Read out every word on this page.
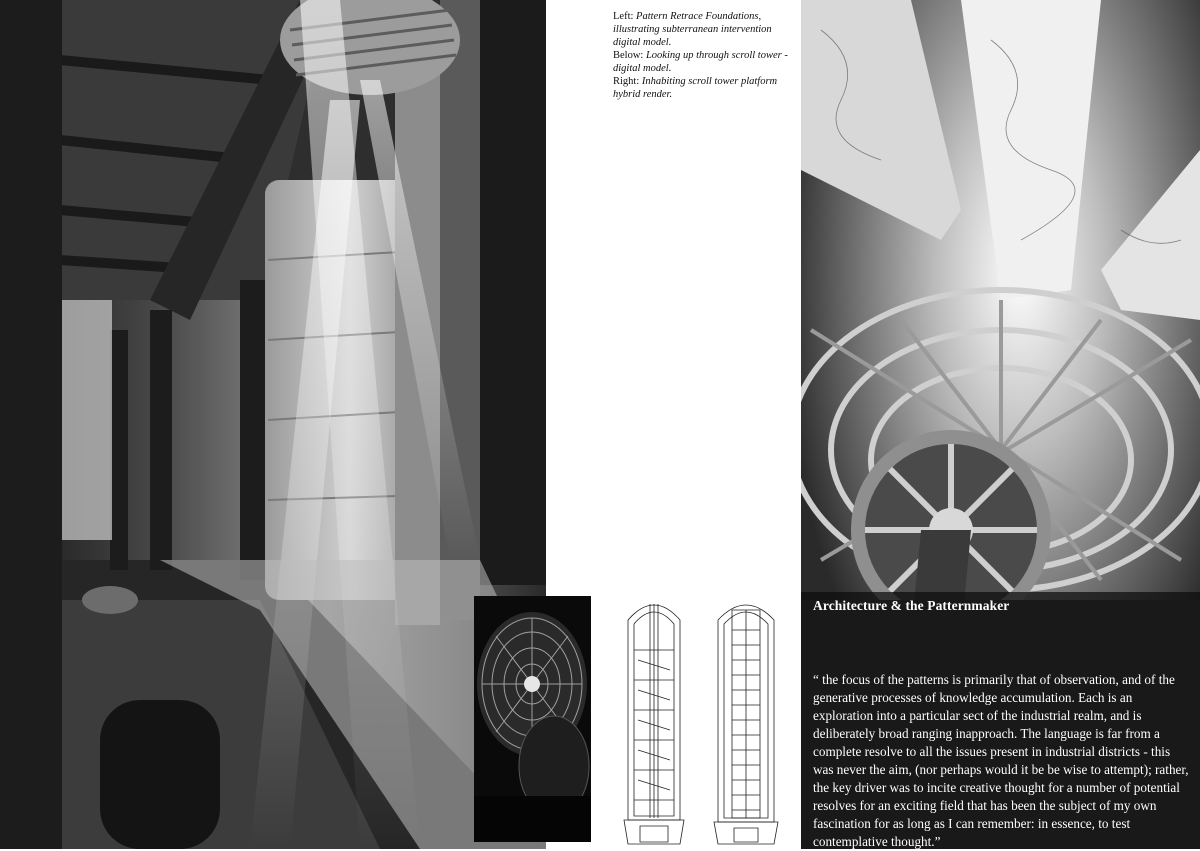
Left: Pattern Retrace Foundations, illustrating subterranean intervention digital model.

Below: Looking up through scroll tower - digital model.

Right: Inhabiting scroll tower platform hybrid render.

Architecture & the Patternmaker
“ the focus of the patterns is primarily that of observation, and of the generative processes of knowledge accumulation. Each is an exploration into a particular sect of the industrial realm, and is deliberately broad ranging inapproach. The language is far from a complete resolve to all the issues present in industrial districts - this was never the aim, (nor perhaps would it be be wise to attempt); rather, the key driver was to incite creative thought for a number of potential resolves for an exciting field that has been the subject of my own fascination for as long as I can remember: in essence, to test contemplative thought.”
